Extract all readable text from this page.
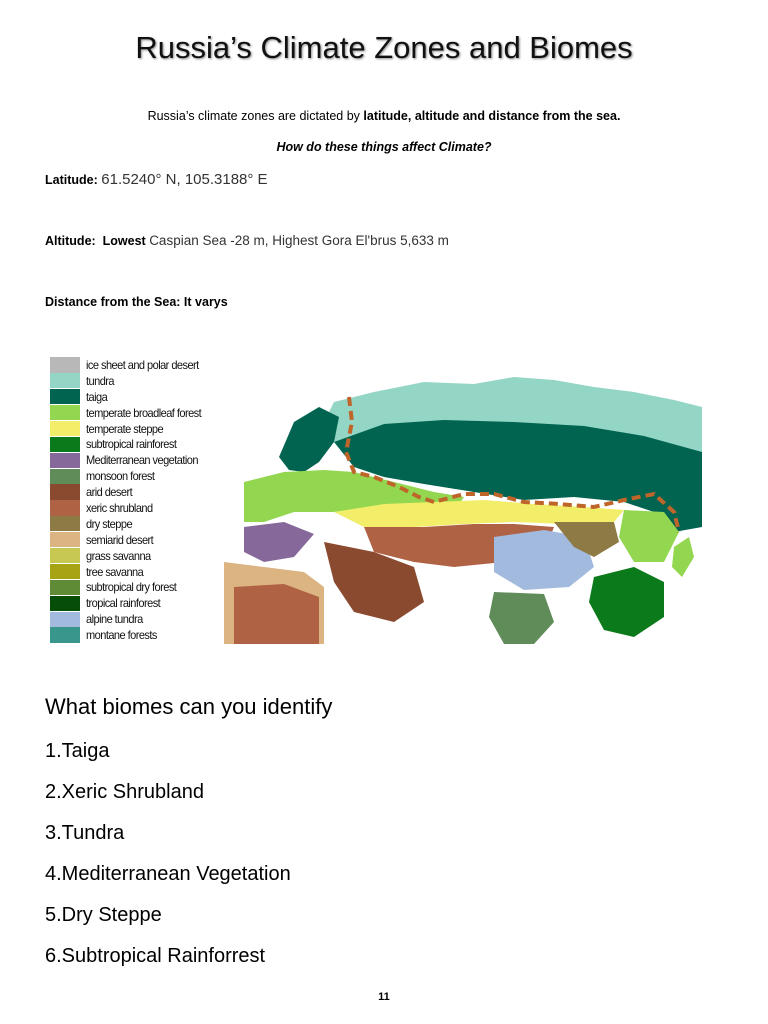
Russia’s Climate Zones and Biomes
Russia’s climate zones are dictated by latitude, altitude and distance from the sea.
How do these things affect Climate?
Latitude: 61.5240° N, 105.3188° E
Altitude: Lowest Caspian Sea -28 m, Highest Gora El'brus 5,633 m
Distance from the Sea: It varys
ice sheet and polar desert
tundra
taiga
temperate broadleaf forest
temperate steppe
subtropical rainforest
Mediterranean vegetation
monsoon forest
arid desert
xeric shrubland
dry steppe
semiarid desert
grass savanna
tree savanna
subtropical dry forest
tropical rainforest
alpine tundra
montane forests
What biomes can you identify
1.Taiga
2.Xeric Shrubland
3.Tundra
4.Mediterranean Vegetation
5.Dry Steppe
6.Subtropical Rainforrest
11
